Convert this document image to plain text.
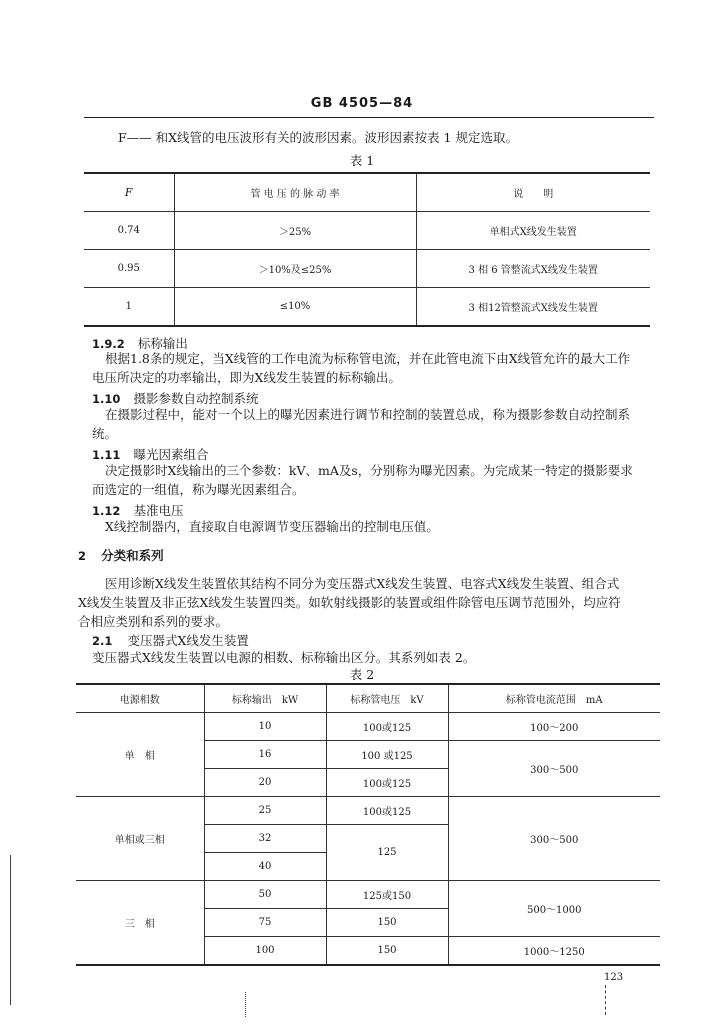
GB 4505—84
F—— 和X线管的电压波形有关的波形因素。波形因素按表 1 规定选取。
表 1
F	管 电 压 的 脉 动 率	说　　明
0.74	＞25%	单相式X线发生装置
0.95	＞10%及≤25%	3 相 6 管整流式X线发生装置
1	≤10%	3 相12管整流式X线发生装置
1.9.2 标称输出
根据1.8条的规定，当X线管的工作电流为标称管电流，并在此管电流下由X线管允许的最大工作
电压所决定的功率输出，即为X线发生装置的标称输出。
1.10 摄影参数自动控制系统
在摄影过程中，能对一个以上的曝光因素进行调节和控制的装置总成，称为摄影参数自动控制系
统。
1.11 曝光因素组合
决定摄影时X线输出的三个参数：kV、mA及s，分别称为曝光因素。为完成某一特定的摄影要求
而选定的一组值，称为曝光因素组合。
1.12 基准电压
X线控制器内，直接取自电源调节变压器输出的控制电压值。
2 分类和系列
医用诊断X线发生装置依其结构不同分为变压器式X线发生装置、电容式X线发生装置、组合式
X线发生装置及非正弦X线发生装置四类。如软射线摄影的装置或组件除管电压调节范围外，均应符
合相应类别和系列的要求。
2.1 变压器式X线发生装置
变压器式X线发生装置以电源的相数、标称输出区分。其系列如表 2。
表 2
电源相数	标称输出　kW	标称管电压　kV	标称管电流范围　mA
单　相	10	100或125	100～200
	16	100 或125	300～500
	20	100或125	
单相或三相	25	100或125	300～500
	32	125	
	40		
三　相	50	125或150	500～1000
	75	150	
	100	150	1000～1250
123
